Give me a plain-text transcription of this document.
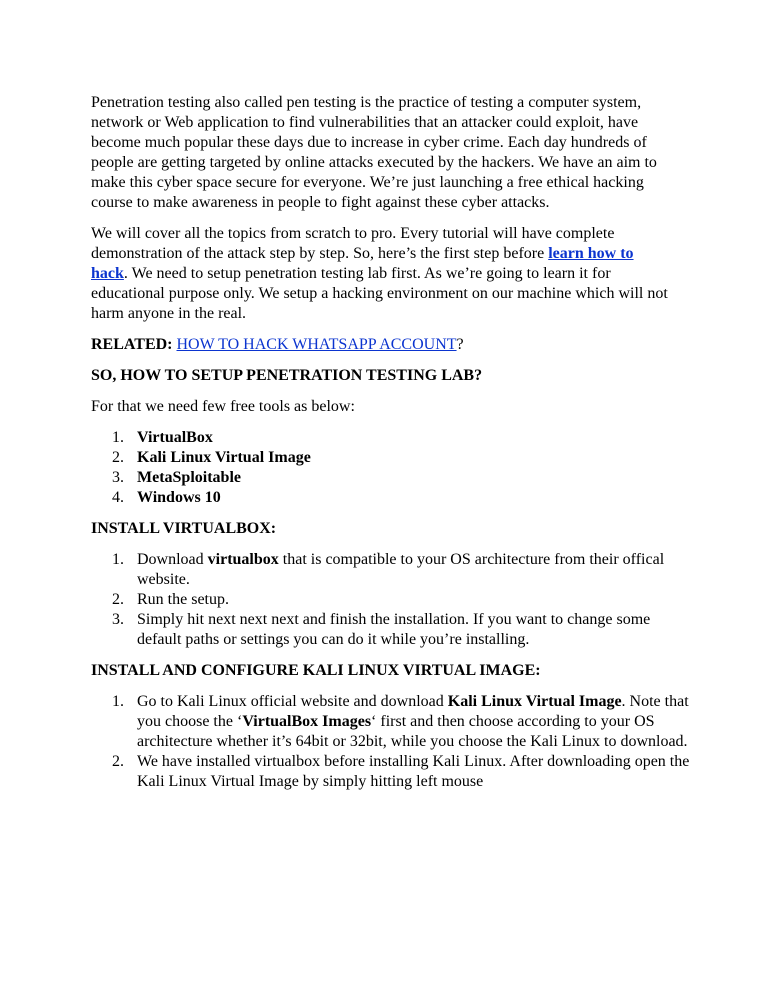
Penetration testing also called pen testing is the practice of testing a computer system, network or Web application to find vulnerabilities that an attacker could exploit, have become much popular these days due to increase in cyber crime. Each day hundreds of people are getting targeted by online attacks executed by the hackers. We have an aim to make this cyber space secure for everyone. We’re just launching a free ethical hacking course to make awareness in people to fight against these cyber attacks.

We will cover all the topics from scratch to pro. Every tutorial will have complete demonstration of the attack step by step. So, here’s the first step before learn how to hack. We need to setup penetration testing lab first. As we’re going to learn it for educational purpose only. We setup a hacking environment on our machine which will not harm anyone in the real.

RELATED: HOW TO HACK WHATSAPP ACCOUNT?

SO, HOW TO SETUP PENETRATION TESTING LAB?

For that we need few free tools as below:

1. VirtualBox
2. Kali Linux Virtual Image
3. MetaSploitable
4. Windows 10

INSTALL VIRTUALBOX:

1. Download virtualbox that is compatible to your OS architecture from their offical website.
2. Run the setup.
3. Simply hit next next next and finish the installation. If you want to change some default paths or settings you can do it while you’re installing.

INSTALL AND CONFIGURE KALI LINUX VIRTUAL IMAGE:

1. Go to Kali Linux official website and download Kali Linux Virtual Image. Note that you choose the ‘VirtualBox Images‘ first and then choose according to your OS architecture whether it’s 64bit or 32bit, while you choose the Kali Linux to download.
2. We have installed virtualbox before installing Kali Linux. After downloading open the Kali Linux Virtual Image by simply hitting left mouse
